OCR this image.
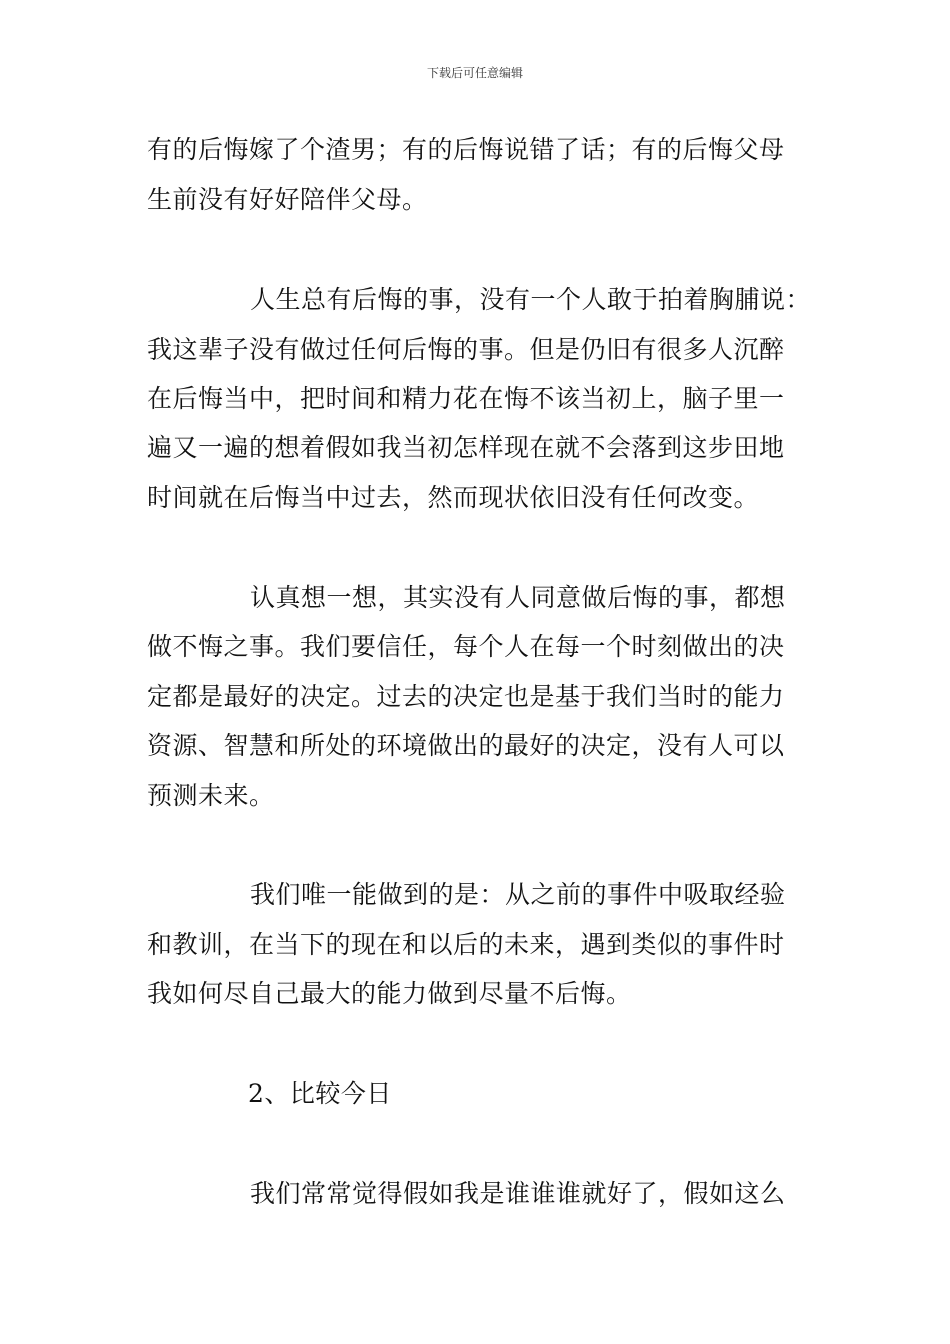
下载后可任意编辑
有的后悔嫁了个渣男；有的后悔说错了话；有的后悔父母
生前没有好好陪伴父母。
人生总有后悔的事，没有一个人敢于拍着胸脯说：
我这辈子没有做过任何后悔的事。但是仍旧有很多人沉醉
在后悔当中，把时间和精力花在悔不该当初上，脑子里一
遍又一遍的想着假如我当初怎样现在就不会落到这步田地
时间就在后悔当中过去，然而现状依旧没有任何改变。
认真想一想，其实没有人同意做后悔的事，都想
做不悔之事。我们要信任，每个人在每一个时刻做出的决
定都是最好的决定。过去的决定也是基于我们当时的能力
资源、智慧和所处的环境做出的最好的决定，没有人可以
预测未来。
我们唯一能做到的是：从之前的事件中吸取经验
和教训，在当下的现在和以后的未来，遇到类似的事件时
我如何尽自己最大的能力做到尽量不后悔。
2、比较今日
我们常常觉得假如我是谁谁谁就好了，假如这么
